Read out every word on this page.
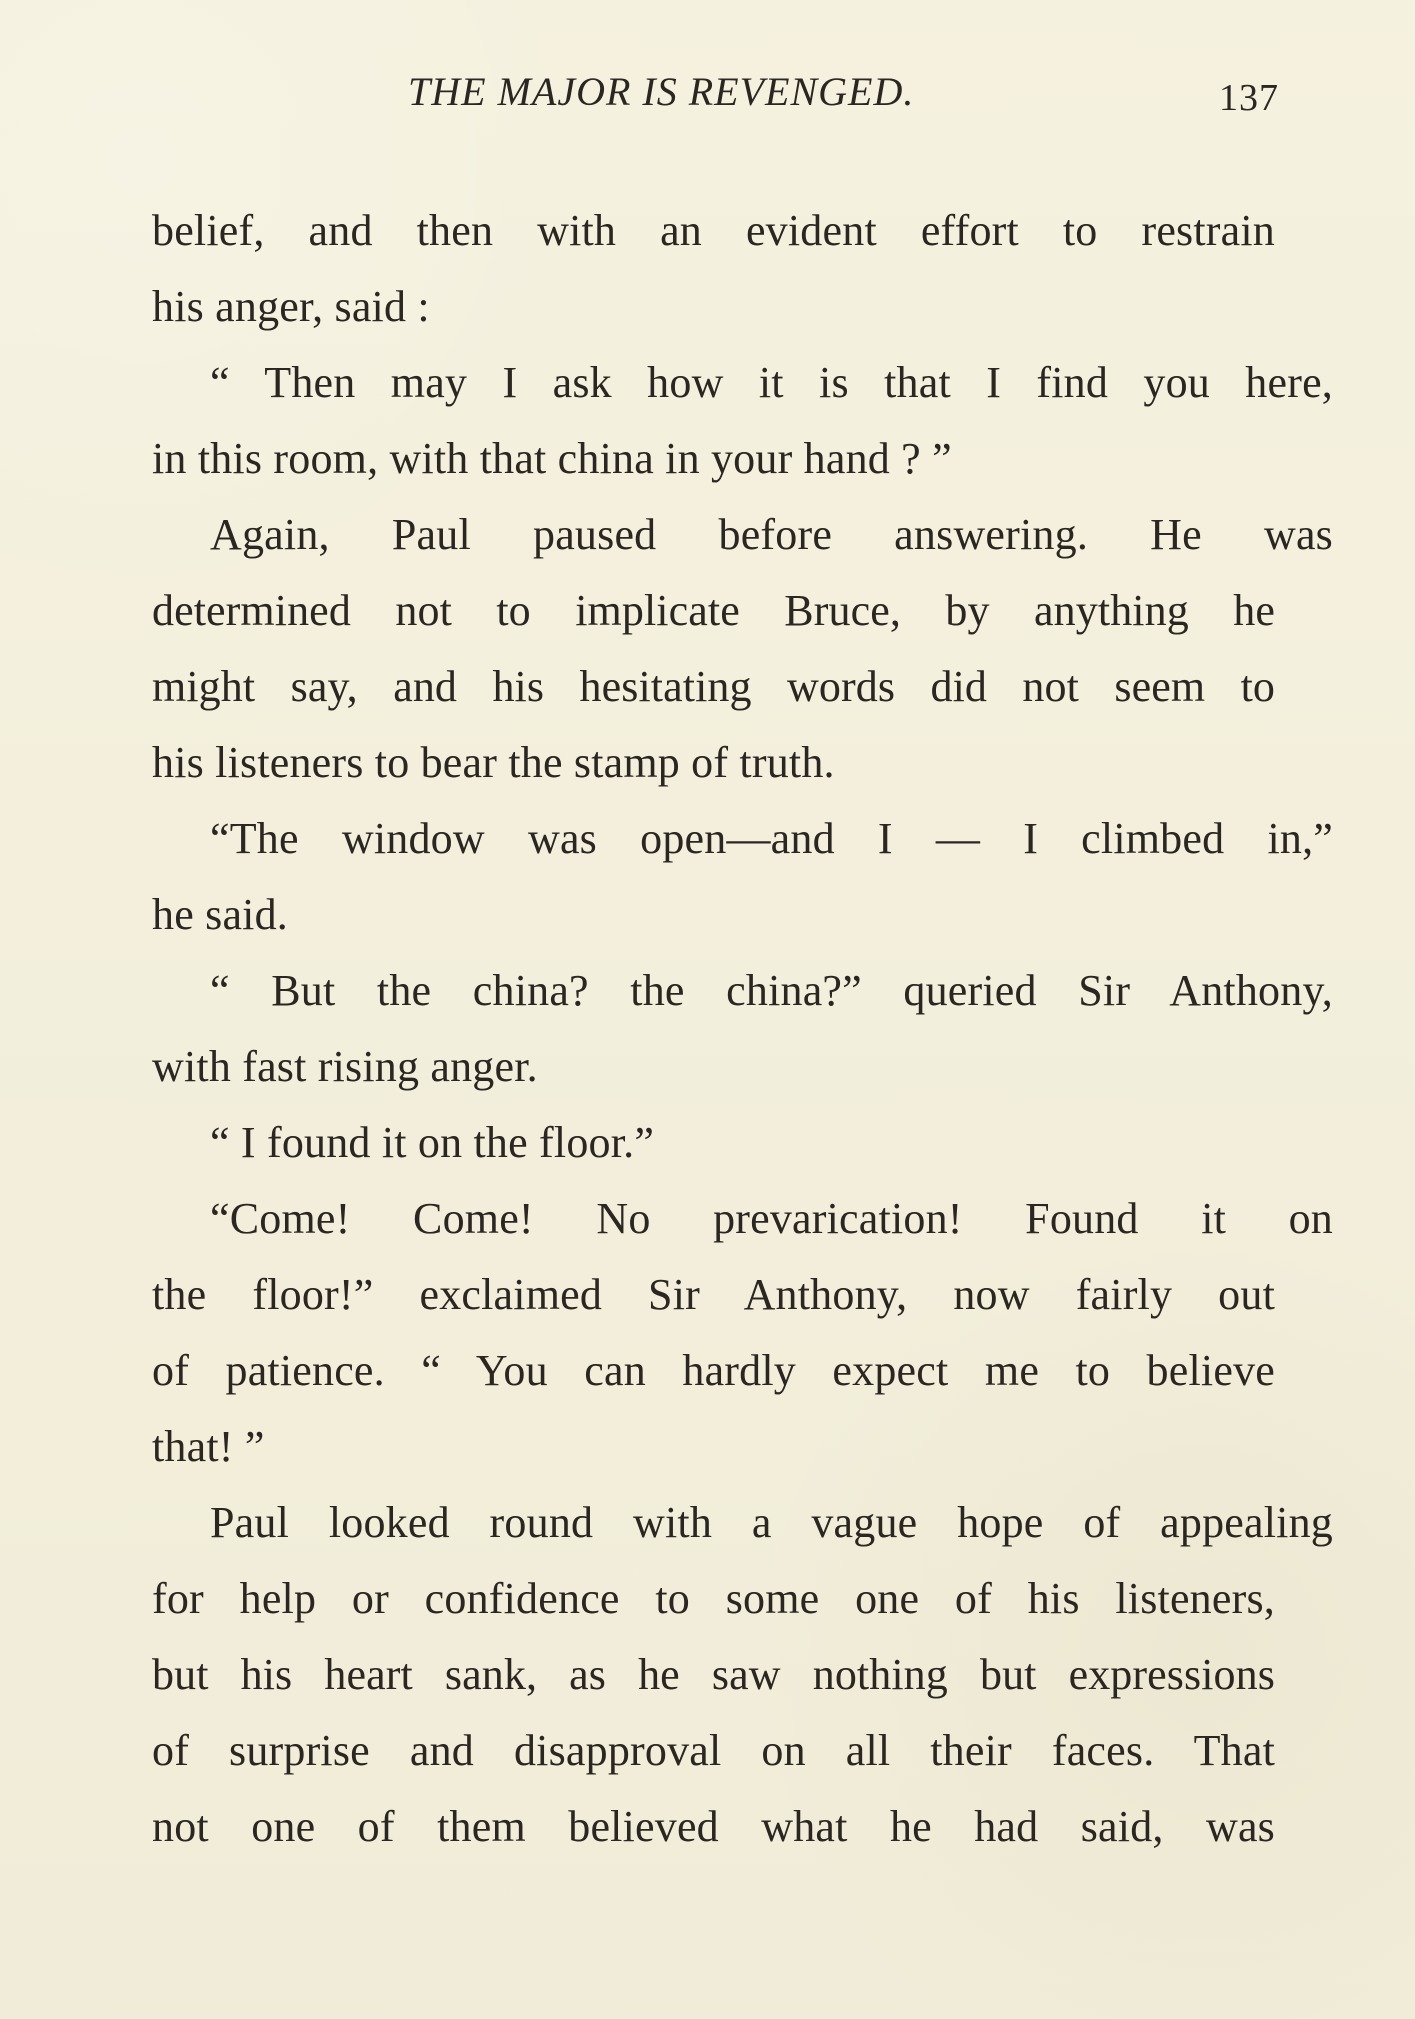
THE MAJOR IS REVENGED.	137
belief, and then with an evident effort to restrain
his anger, said :
“ Then may I ask how it is that I find you here,
in this room, with that china in your hand ? ”
Again, Paul paused before answering. He was
determined not to implicate Bruce, by anything he
might say, and his hesitating words did not seem to
his listeners to bear the stamp of truth.
“The window was open—and I — I climbed in,”
he said.
“ But the china? the china?” queried Sir Anthony,
with fast rising anger.
“ I found it on the floor.”
“Come! Come! No prevarication! Found it on
the floor!” exclaimed Sir Anthony, now fairly out
of patience. “ You can hardly expect me to believe
that! ”
Paul looked round with a vague hope of appealing
for help or confidence to some one of his listeners,
but his heart sank, as he saw nothing but expressions
of surprise and disapproval on all their faces. That
not one of them believed what he had said, was
